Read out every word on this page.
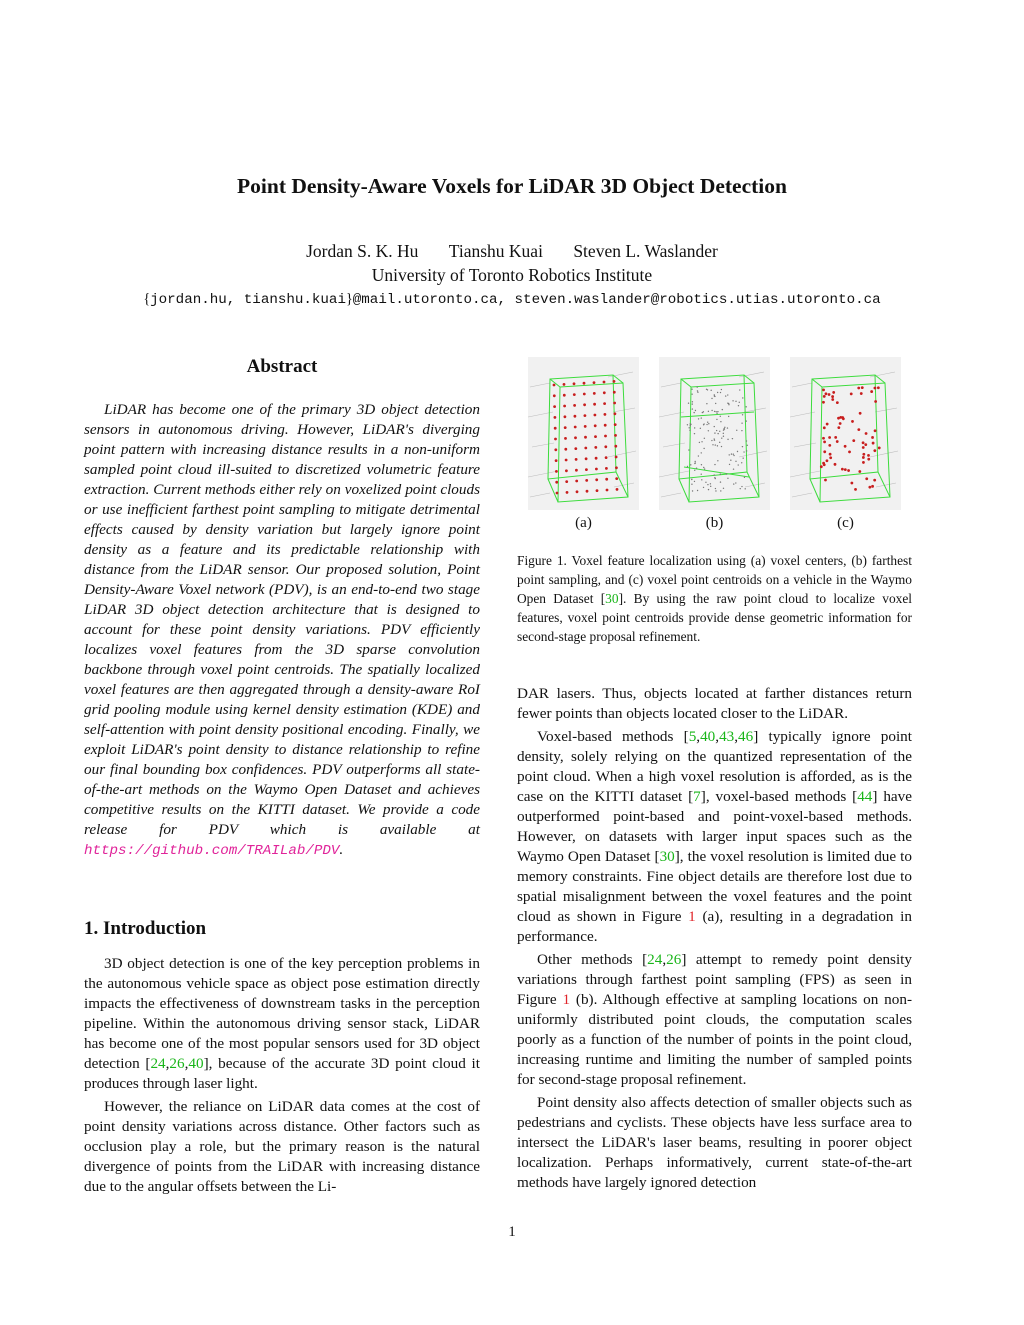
Point Density-Aware Voxels for LiDAR 3D Object Detection
Jordan S. K. Hu Tianshu Kuai Steven L. Waslander
University of Toronto Robotics Institute
{jordan.hu, tianshu.kuai}@mail.utoronto.ca, steven.waslander@robotics.utias.utoronto.ca
Abstract

LiDAR has become one of the primary 3D object detection sensors in autonomous driving. However, LiDAR's diverging point pattern with increasing distance results in a non-uniform sampled point cloud ill-suited to discretized volumetric feature extraction. Current methods either rely on voxelized point clouds or use inefficient farthest point sampling to mitigate detrimental effects caused by density variation but largely ignore point density as a feature and its predictable relationship with distance from the LiDAR sensor. Our proposed solution, Point Density-Aware Voxel network (PDV), is an end-to-end two stage LiDAR 3D object detection architecture that is designed to account for these point density variations. PDV efficiently localizes voxel features from the 3D sparse convolution backbone through voxel point centroids. The spatially localized voxel features are then aggregated through a density-aware RoI grid pooling module using kernel density estimation (KDE) and self-attention with point density positional encoding. Finally, we exploit LiDAR's point density to distance relationship to refine our final bounding box confidences. PDV outperforms all state-of-the-art methods on the Waymo Open Dataset and achieves competitive results on the KITTI dataset. We provide a code release for PDV which is available at https://github.com/TRAILab/PDV.

(a)	(b)	(c)

Figure 1. Voxel feature localization using (a) voxel centers, (b) farthest point sampling, and (c) voxel point centroids on a vehicle in the Waymo Open Dataset [30]. By using the raw point cloud to localize voxel features, voxel point centroids provide dense geometric information for second-stage proposal refinement.

1. Introduction

3D object detection is one of the key perception problems in the autonomous vehicle space as object pose estimation directly impacts the effectiveness of downstream tasks in the perception pipeline. Within the autonomous driving sensor stack, LiDAR has become one of the most popular sensors used for 3D object detection [24,26,40], because of the accurate 3D point cloud it produces through laser light.

However, the reliance on LiDAR data comes at the cost of point density variations across distance. Other factors such as occlusion play a role, but the primary reason is the natural divergence of points from the LiDAR with increasing distance due to the angular offsets between the Li-

DAR lasers. Thus, objects located at farther distances return fewer points than objects located closer to the LiDAR.

Voxel-based methods [5,40,43,46] typically ignore point density, solely relying on the quantized representation of the point cloud. When a high voxel resolution is afforded, as is the case on the KITTI dataset [7], voxel-based methods [44] have outperformed point-based and point-voxel-based methods. However, on datasets with larger input spaces such as the Waymo Open Dataset [30], the voxel resolution is limited due to memory constraints. Fine object details are therefore lost due to spatial misalignment between the voxel features and the point cloud as shown in Figure 1 (a), resulting in a degradation in performance.

Other methods [24,26] attempt to remedy point density variations through farthest point sampling (FPS) as seen in Figure 1 (b). Although effective at sampling locations on non-uniformly distributed point clouds, the computation scales poorly as a function of the number of points in the point cloud, increasing runtime and limiting the number of sampled points for second-stage proposal refinement.

Point density also affects detection of smaller objects such as pedestrians and cyclists. These objects have less surface area to intersect the LiDAR's laser beams, resulting in poorer object localization. Perhaps informatively, current state-of-the-art methods have largely ignored detection

1
